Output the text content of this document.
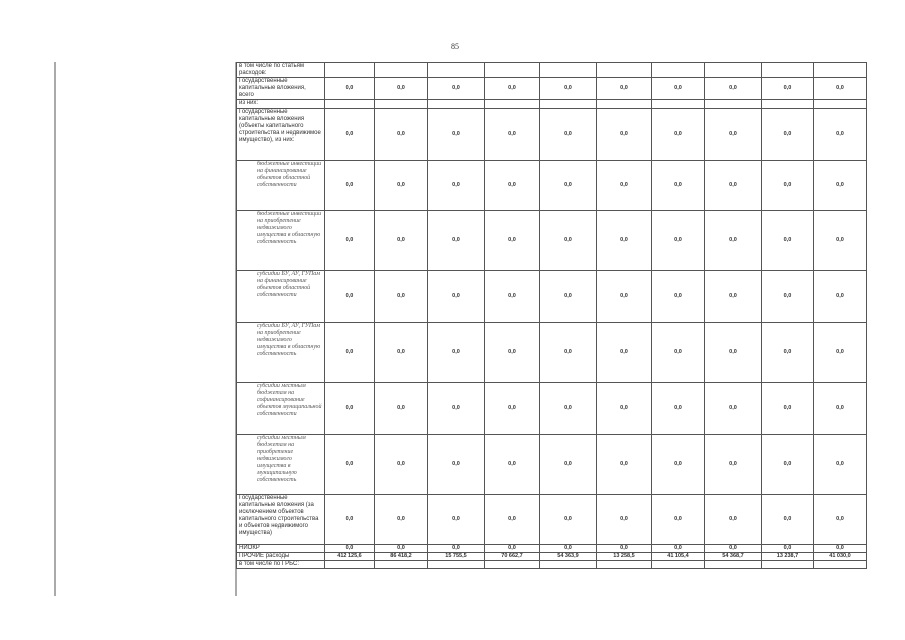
85
в том числе по статьям расходов:										
Государственные капитальные вложения, всего	0,0	0,0	0,0	0,0	0,0	0,0	0,0	0,0	0,0	0,0
из них:										
Государственные капитальные вложения (объекты капитального строительства и недвижимое имущество), из них:	0,0	0,0	0,0	0,0	0,0	0,0	0,0	0,0	0,0	0,0
бюджетные инвестиции на финансирование объектов областной собственности	0,0	0,0	0,0	0,0	0,0	0,0	0,0	0,0	0,0	0,0
бюджетные инвестиции на приобретение недвижимого имущества в областную собственность	0,0	0,0	0,0	0,0	0,0	0,0	0,0	0,0	0,0	0,0
субсидии БУ, АУ, ГУПам на финансирование объектов областной собственности	0,0	0,0	0,0	0,0	0,0	0,0	0,0	0,0	0,0	0,0
субсидии БУ, АУ, ГУПам на приобретение недвижимого имущества в областную собственность	0,0	0,0	0,0	0,0	0,0	0,0	0,0	0,0	0,0	0,0
субсидии местным бюджетам на софинансирование объектов муниципальной собственности	0,0	0,0	0,0	0,0	0,0	0,0	0,0	0,0	0,0	0,0
субсидии местным бюджетам на приобретение недвижимого имущества в муниципальную собственность	0,0	0,0	0,0	0,0	0,0	0,0	0,0	0,0	0,0	0,0
Государственные капитальные вложения (за исключением объектов капитального строительства и объектов недвижимого имущества)	0,0	0,0	0,0	0,0	0,0	0,0	0,0	0,0	0,0	0,0
НИОКР	0,0	0,0	0,0	0,0	0,0	0,0	0,0	0,0	0,0	0,0
ПРОЧИЕ расходы	412 125,6	86 418,2	15 755,5	70 662,7	54 363,9	13 258,5	41 105,4	54 368,7	13 238,7	41 030,0
в том числе по ГРБС:										
